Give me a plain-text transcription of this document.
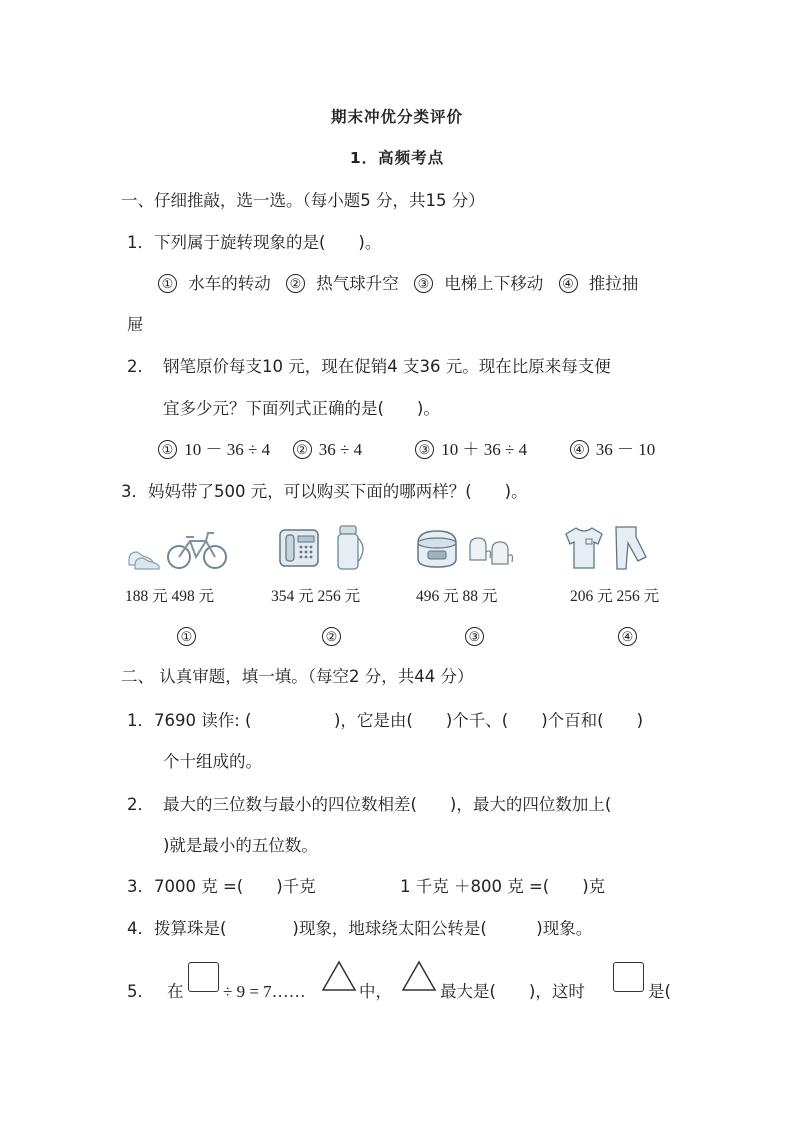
期末冲优分类评价
1．高频考点
一、仔细推敲，选一选。（每小题5 分，共15 分）
1．下列属于旋转现象的是(　　)。
① 水车的转动 ② 热气球升空 ③ 电梯上下移动 ④ 推拉抽
屉
2． 钢笔原价每支10 元，现在促销4 支36 元。现在比原来每支便
宜多少元？下面列式正确的是(　　)。
① 10 － 36 ÷ 4 ② 36 ÷ 4	③ 10 ＋ 36 ÷ 4	④ 36 － 10
3．妈妈带了500 元，可以购买下面的哪两样？(　　)。
188 元 498 元	354 元 256 元	496 元 88 元	206 元 256 元
①	②	③	④
二、 认真审题，填一填。（每空2 分，共44 分）
1．7690 读作: (　　　　　)，它是由(　　)个千、(　　)个百和(　　)
个十组成的。
2． 最大的三位数与最小的四位数相差(　　)，最大的四位数加上(
)就是最小的五位数。
3．7000 克 =(　　)千克	1 千克 ＋800 克 =(　　)克
4．拨算珠是(　　　　)现象，地球绕太阳公转是(　　　)现象。
5． 在 ÷ 9 = 7……	中，	最大是(　　)，这时	是(
